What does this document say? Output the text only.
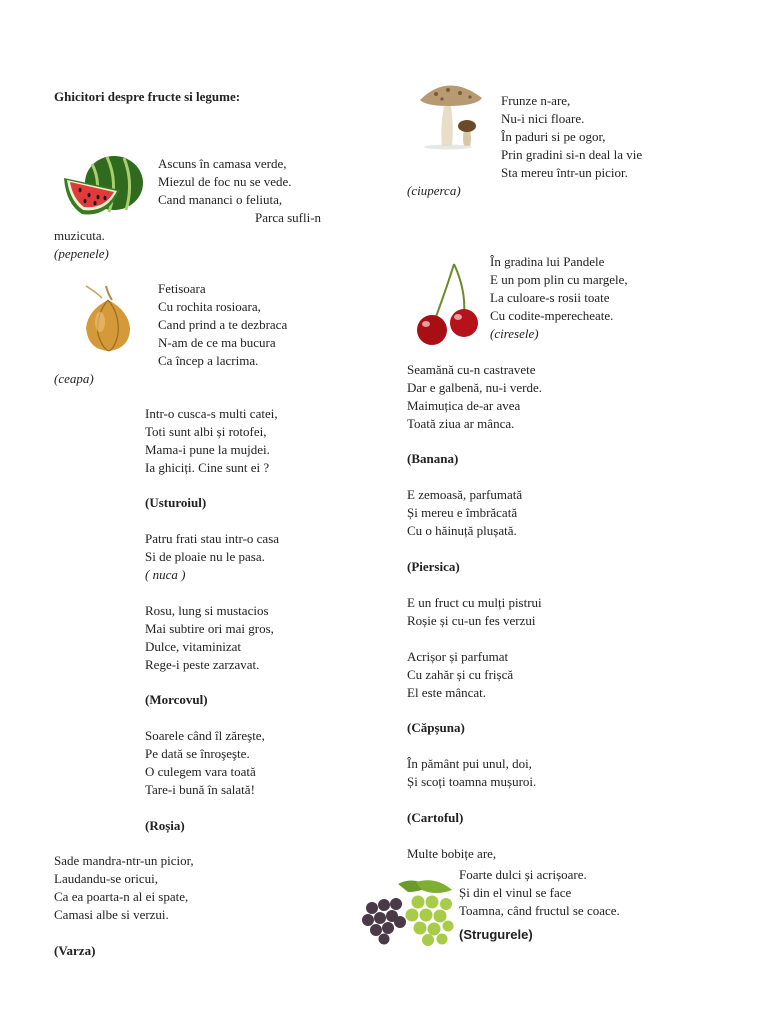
Ghicitori despre fructe si legume:
Ascuns în camasa verde,
Miezul de foc nu se vede.
Cand mananci o feliuta,
Parca sufli-n
muzicuta.
(pepenele)
Fetisoara
Cu rochita rosioara,
Cand prind a te dezbraca
N-am de ce ma bucura
Ca încep a lacrima.
(ceapa)
Intr-o cusca-s multi catei,
Toti sunt albi și rotofei,
Mama-i pune la mujdei.
Ia ghiciți. Cine sunt ei ?
(Usturoiul)
Patru frati stau intr-o casa
Si de ploaie nu le pasa.
( nuca )
Rosu, lung si mustacios
Mai subtire ori mai gros,
Dulce, vitaminizat
Rege-i peste zarzavat.
(Morcovul)
Soarele când îl zăreşte,
Pe dată se înroşeşte.
O culegem vara toată
Tare-i bună în salată!
(Roșia)
Sade mandra-ntr-un picior,
Laudandu-se oricui,
Ca ea poarta-n al ei spate,
Camasi albe si verzui.
(Varza)
Frunze n-are,
Nu-i nici floare.
În paduri si pe ogor,
Prin gradini si-n deal la vie
Sta mereu într-un picior.
(ciuperca)
În gradina lui Pandele
E un pom plin cu margele,
La culoare-s rosii toate
Cu codite-mperecheate.
(ciresele)
Seamănă cu-n castravete
Dar e galbenă, nu-i verde.
Maimuțica de-ar avea
Toată ziua ar mânca.
(Banana)
E zemoasă, parfumată
Și mereu e îmbrăcată
Cu o hăinuță plușată.
(Piersica)
E un fruct cu mulți pistrui
Roșie și cu-un fes verzui
Acrișor și parfumat
Cu zahăr și cu frișcă
El este mâncat.
(Căpșuna)
În pământ pui unul, doi,
Și scoți toamna mușuroi.
(Cartoful)
Multe bobițe are,
Foarte dulci și acrișoare.
Și din el vinul se face
Toamna, când fructul se coace.
(Strugurele)
